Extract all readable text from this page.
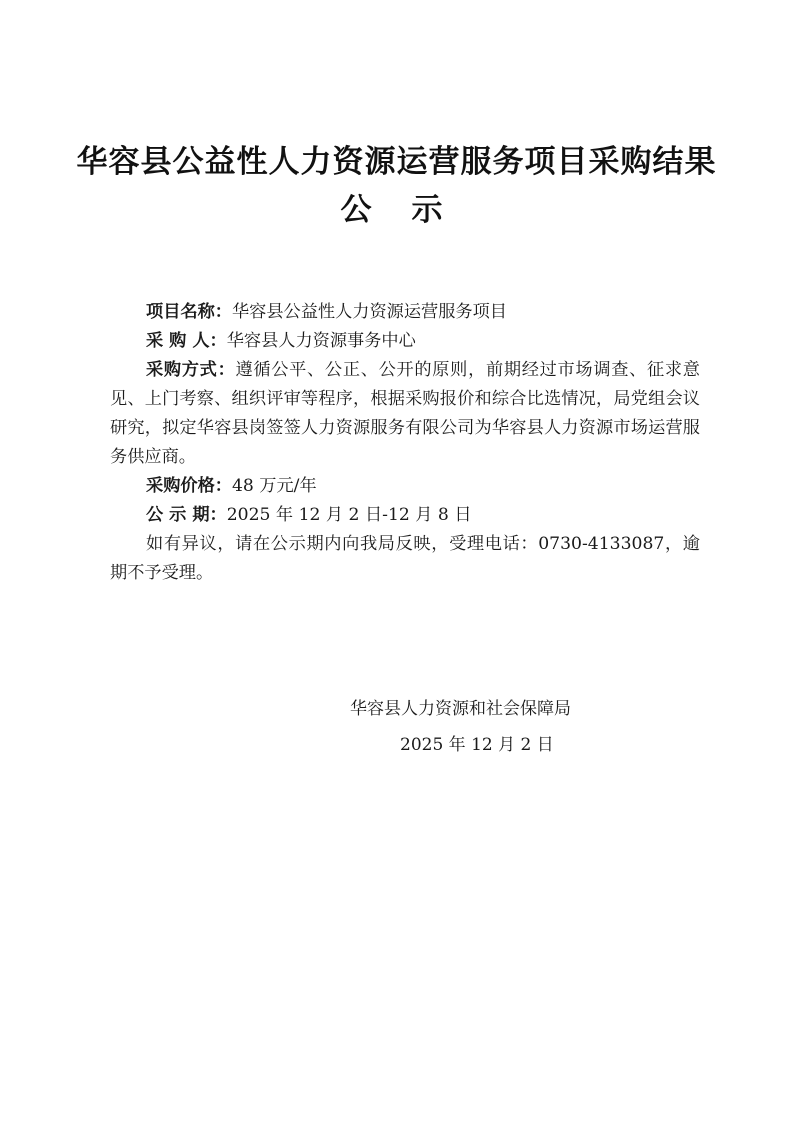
华容县公益性人力资源运营服务项目采购结果
公 示

项目名称：华容县公益性人力资源运营服务项目

采 购 人：华容县人力资源事务中心

采购方式：遵循公平、公正、公开的原则，前期经过市场调查、征求意见、上门考察、组织评审等程序，根据采购报价和综合比选情况，局党组会议研究，拟定华容县岗签签人力资源服务有限公司为华容县人力资源市场运营服务供应商。

采购价格：48 万元/年

公 示 期：2025 年 12 月 2 日-12 月 8 日

如有异议，请在公示期内向我局反映，受理电话：0730-4133087，逾期不予受理。

华容县人力资源和社会保障局
2025 年 12 月 2 日
